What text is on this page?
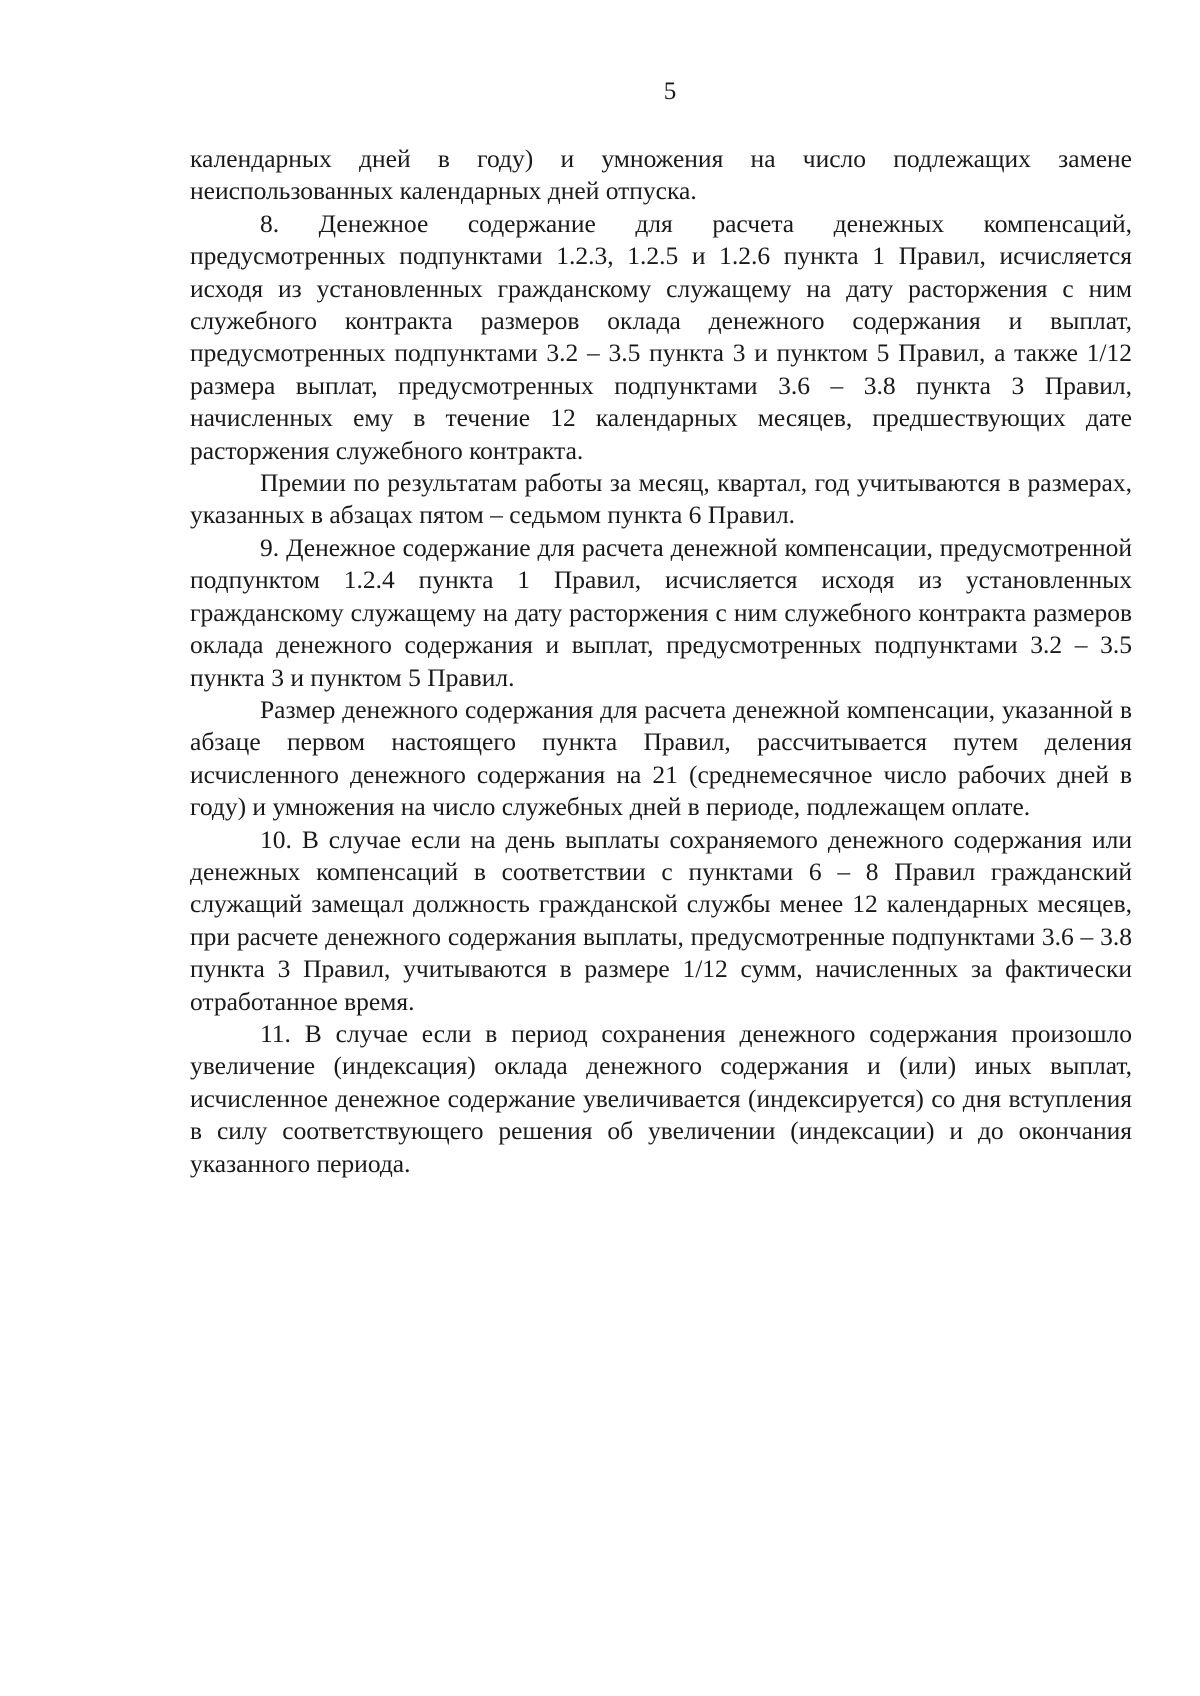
5

календарных дней в году) и умножения на число подлежащих замене неиспользованных календарных дней отпуска.

8. Денежное содержание для расчета денежных компенсаций, предусмотренных подпунктами 1.2.3, 1.2.5 и 1.2.6 пункта 1 Правил, исчисляется исходя из установленных гражданскому служащему на дату расторжения с ним служебного контракта размеров оклада денежного содержания и выплат, предусмотренных подпунктами 3.2 – 3.5 пункта 3 и пунктом 5 Правил, а также 1/12 размера выплат, предусмотренных подпунктами 3.6 – 3.8 пункта 3 Правил, начисленных ему в течение 12 календарных месяцев, предшествующих дате расторжения служебного контракта.

Премии по результатам работы за месяц, квартал, год учитываются в размерах, указанных в абзацах пятом – седьмом пункта 6 Правил.

9. Денежное содержание для расчета денежной компенсации, предусмотренной подпунктом 1.2.4 пункта 1 Правил, исчисляется исходя из установленных гражданскому служащему на дату расторжения с ним служебного контракта размеров оклада денежного содержания и выплат, предусмотренных подпунктами 3.2 – 3.5 пункта 3 и пунктом 5 Правил.

Размер денежного содержания для расчета денежной компенсации, указанной в абзаце первом настоящего пункта Правил, рассчитывается путем деления исчисленного денежного содержания на 21 (среднемесячное число рабочих дней в году) и умножения на число служебных дней в периоде, подлежащем оплате.

10. В случае если на день выплаты сохраняемого денежного содержания или денежных компенсаций в соответствии с пунктами 6 – 8 Правил гражданский служащий замещал должность гражданской службы менее 12 календарных месяцев, при расчете денежного содержания выплаты, предусмотренные подпунктами 3.6 – 3.8 пункта 3 Правил, учитываются в размере 1/12 сумм, начисленных за фактически отработанное время.

11. В случае если в период сохранения денежного содержания произошло увеличение (индексация) оклада денежного содержания и (или) иных выплат, исчисленное денежное содержание увеличивается (индексируется) со дня вступления в силу соответствующего решения об увеличении (индексации) и до окончания указанного периода.
